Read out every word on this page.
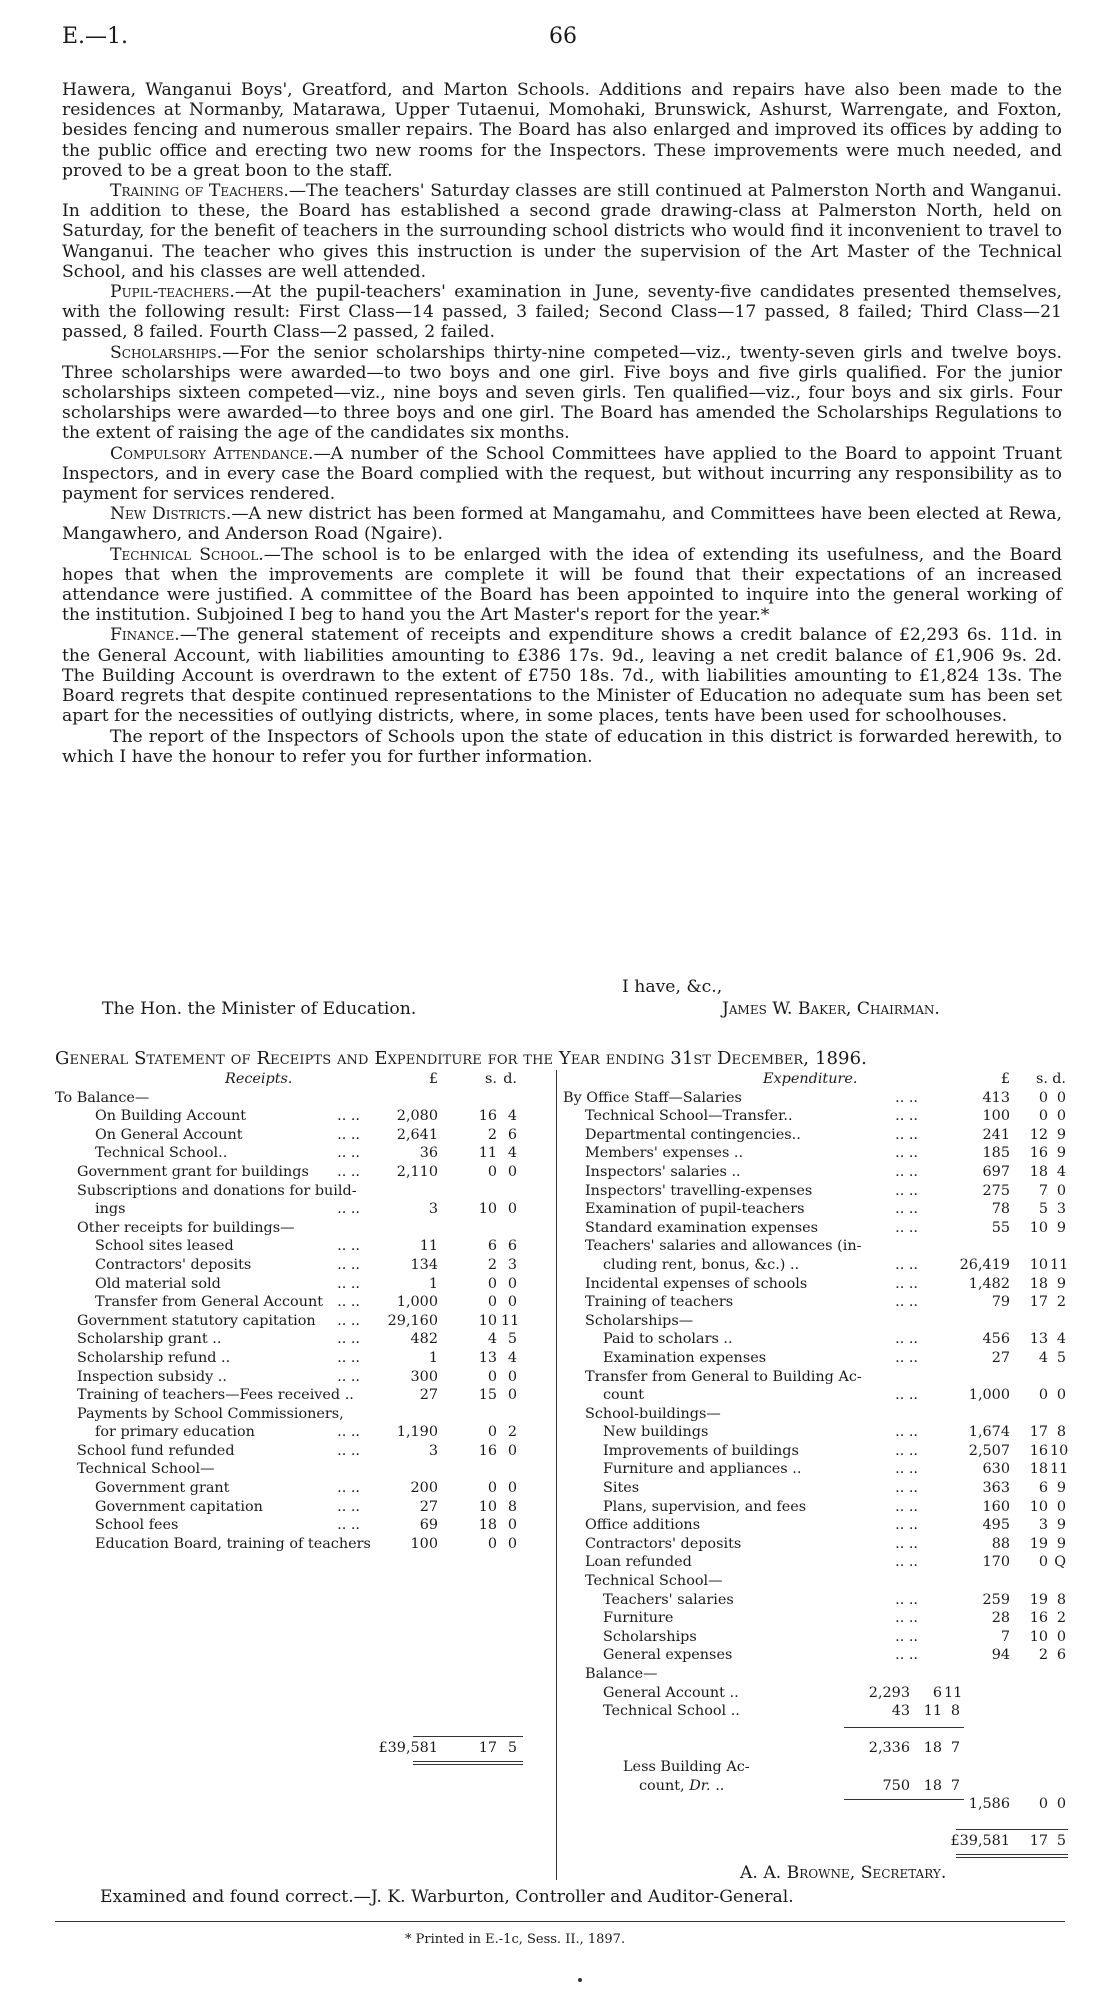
E.—1.	66

Hawera, Wanganui Boys', Greatford, and Marton Schools. Additions and repairs have also been made to the residences at Normanby, Matarawa, Upper Tutaenui, Momohaki, Brunswick, Ashurst, Warrengate, and Foxton, besides fencing and numerous smaller repairs. The Board has also enlarged and improved its offices by adding to the public office and erecting two new rooms for the Inspectors. These improvements were much needed, and proved to be a great boon to the staff.

Training of Teachers.—The teachers' Saturday classes are still continued at Palmerston North and Wanganui. In addition to these, the Board has established a second grade drawing-class at Palmerston North, held on Saturday, for the benefit of teachers in the surrounding school districts who would find it inconvenient to travel to Wanganui. The teacher who gives this instruction is under the supervision of the Art Master of the Technical School, and his classes are well attended.

Pupil-teachers.—At the pupil-teachers' examination in June, seventy-five candidates presented themselves, with the following result: First Class—14 passed, 3 failed; Second Class—17 passed, 8 failed; Third Class—21 passed, 8 failed. Fourth Class—2 passed, 2 failed.

Scholarships.—For the senior scholarships thirty-nine competed—viz., twenty-seven girls and twelve boys. Three scholarships were awarded—to two boys and one girl. Five boys and five girls qualified. For the junior scholarships sixteen competed—viz., nine boys and seven girls. Ten qualified—viz., four boys and six girls. Four scholarships were awarded—to three boys and one girl. The Board has amended the Scholarships Regulations to the extent of raising the age of the candidates six months.

Compulsory Attendance.—A number of the School Committees have applied to the Board to appoint Truant Inspectors, and in every case the Board complied with the request, but without incurring any responsibility as to payment for services rendered.

New Districts.—A new district has been formed at Mangamahu, and Committees have been elected at Rewa, Mangawhero, and Anderson Road (Ngaire).

Technical School.—The school is to be enlarged with the idea of extending its usefulness, and the Board hopes that when the improvements are complete it will be found that their expectations of an increased attendance were justified. A committee of the Board has been appointed to inquire into the general working of the institution. Subjoined I beg to hand you the Art Master's report for the year.*

Finance.—The general statement of receipts and expenditure shows a credit balance of £2,293 6s. 11d. in the General Account, with liabilities amounting to £386 17s. 9d., leaving a net credit balance of £1,906 9s. 2d. The Building Account is overdrawn to the extent of £750 18s. 7d., with liabilities amounting to £1,824 13s. The Board regrets that despite continued representations to the Minister of Education no adequate sum has been set apart for the necessities of outlying districts, where, in some places, tents have been used for schoolhouses.

The report of the Inspectors of Schools upon the state of education in this district is forwarded herewith, to which I have the honour to refer you for further information.

I have, &c.,
The Hon. the Minister of Education.	James W. Baker, Chairman.
General Statement of Receipts and Expenditure for the Year ending 31st December, 1896.
Receipts.	£	s. d.
To Balance—
On Building Account	.. ..	2,080	16 4
On General Account	.. ..	2,641	2 6
Technical School..	.. ..	36	11 4
Government grant for buildings .. ..	2,110	0 0
Subscriptions and donations for build-
ings	.. ..	3	10 0
Other receipts for buildings—
School sites leased	.. ..	11	6 6
Contractors' deposits	.. ..	134	2 3
Old material sold	.. ..	1	0 0
Transfer from General Account .. ..	1,000	0 0
Government statutory capitation .. ..	29,160	10 11
Scholarship grant ..	.. ..	482	4 5
Scholarship refund ..	.. ..	1	13 4
Inspection subsidy ..	.. ..	300	0 0
Training of teachers—Fees received ..	27	15 0
Payments by School Commissioners,
for primary education	.. ..	1,190	0 2
School fund refunded	.. ..	3	16 0
Technical School—
Government grant	.. ..	200	0 0
Government capitation	.. ..	27	10 8
School fees	.. ..	69	18 0
Education Board, training of teachers	100	0 0
£39,581	17 5
Expenditure.	£	s. d.
By Office Staff—Salaries	.. ..	413	0 0
Technical School—Transfer..	.. ..	100	0 0
Departmental contingencies..	.. ..	241	12 9
Members' expenses ..	.. ..	185	16 9
Inspectors' salaries ..	.. ..	697	18 4
Inspectors' travelling-expenses	.. ..	275	7 0
Examination of pupil-teachers	.. ..	78	5 3
Standard examination expenses	.. ..	55	10 9
Teachers' salaries and allowances (in-
cluding rent, bonus, &c.) ..	.. ..	26,419	10 11
Incidental expenses of schools	.. ..	1,482	18 9
Training of teachers	.. ..	79	17 2
Scholarships—
Paid to scholars ..	.. ..	456	13 4
Examination expenses	.. ..	27	4 5
Transfer from General to Building Ac-
count	.. ..	1,000	0 0
School-buildings—
New buildings	.. ..	1,674	17 8
Improvements of buildings	.. ..	2,507	16 10
Furniture and appliances ..	.. ..	630	18 11
Sites	.. ..	363	6 9
Plans, supervision, and fees	.. ..	160	10 0
Office additions	.. ..	495	3 9
Contractors' deposits	.. ..	88	19 9
Loan refunded	.. ..	170	0 Q
Technical School—
Teachers' salaries	.. ..	259	19 8
Furniture	.. ..	28	16 2
Scholarships	.. ..	7	10 0
General expenses	.. ..	94	2 6
Balance—
General Account ..	2,293	6 11
Technical School ..	43 11 8
2,336 18 7
Less Building Ac-
count, Dr. ..	750 18 7
1,586	0 0
£39,581	17 5
A. A. Browne, Secretary.
Examined and found correct.—J. K. Warburton, Controller and Auditor-General.
* Printed in E.-1c, Sess. II., 1897.
